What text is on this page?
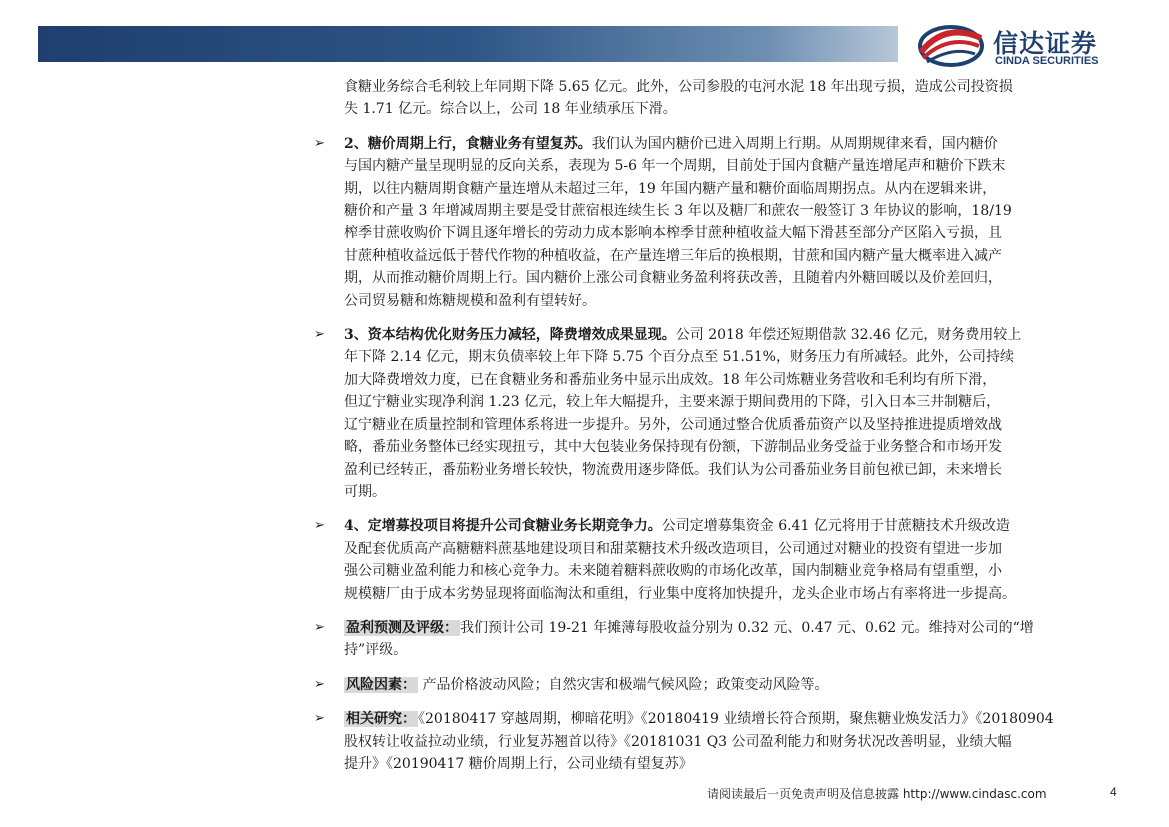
信达证券
CINDA SECURITIES
食糖业务综合毛利较上年同期下降 5.65 亿元。此外，公司参股的屯河水泥 18 年出现亏损，造成公司投资损
失 1.71 亿元。综合以上，公司 18 年业绩承压下滑。
➢ 2、糖价周期上行，食糖业务有望复苏。我们认为国内糖价已进入周期上行期。从周期规律来看，国内糖价
与国内糖产量呈现明显的反向关系，表现为 5-6 年一个周期，目前处于国内食糖产量连增尾声和糖价下跌末
期，以往内糖周期食糖产量连增从未超过三年，19 年国内糖产量和糖价面临周期拐点。从内在逻辑来讲，
糖价和产量 3 年增减周期主要是受甘蔗宿根连续生长 3 年以及糖厂和蔗农一般签订 3 年协议的影响，18/19
榨季甘蔗收购价下调且逐年增长的劳动力成本影响本榨季甘蔗种植收益大幅下滑甚至部分产区陷入亏损，且
甘蔗种植收益远低于替代作物的种植收益，在产量连增三年后的换根期，甘蔗和国内糖产量大概率进入减产
期，从而推动糖价周期上行。国内糖价上涨公司食糖业务盈利将获改善，且随着内外糖回暖以及价差回归，
公司贸易糖和炼糖规模和盈利有望转好。
➢ 3、资本结构优化财务压力减轻，降费增效成果显现。公司 2018 年偿还短期借款 32.46 亿元，财务费用较上
年下降 2.14 亿元，期末负债率较上年下降 5.75 个百分点至 51.51%，财务压力有所减轻。此外，公司持续
加大降费增效力度，已在食糖业务和番茄业务中显示出成效。18 年公司炼糖业务营收和毛利均有所下滑，
但辽宁糖业实现净利润 1.23 亿元，较上年大幅提升，主要来源于期间费用的下降，引入日本三井制糖后，
辽宁糖业在质量控制和管理体系将进一步提升。另外，公司通过整合优质番茄资产以及坚持推进提质增效战
略，番茄业务整体已经实现扭亏，其中大包装业务保持现有份额，下游制品业务受益于业务整合和市场开发
盈利已经转正，番茄粉业务增长较快，物流费用逐步降低。我们认为公司番茄业务目前包袱已卸，未来增长
可期。
➢ 4、定增募投项目将提升公司食糖业务长期竞争力。公司定增募集资金 6.41 亿元将用于甘蔗糖技术升级改造
及配套优质高产高糖糖料蔗基地建设项目和甜菜糖技术升级改造项目，公司通过对糖业的投资有望进一步加
强公司糖业盈利能力和核心竞争力。未来随着糖料蔗收购的市场化改革，国内制糖业竞争格局有望重塑，小
规模糖厂由于成本劣势显现将面临淘汰和重组，行业集中度将加快提升，龙头企业市场占有率将进一步提高。
➢ 盈利预测及评级： 我们预计公司 19-21 年摊薄每股收益分别为 0.32 元、0.47 元、0.62 元。维持对公司的“增
持”评级。
➢ 风险因素： 产品价格波动风险；自然灾害和极端气候风险；政策变动风险等。
➢ 相关研究： 《20180417 穿越周期，柳暗花明》《20180419 业绩增长符合预期，聚焦糖业焕发活力》《20180904
股权转让收益拉动业绩，行业复苏翘首以待》《20181031 Q3 公司盈利能力和财务状况改善明显，业绩大幅
提升》《20190417 糖价周期上行，公司业绩有望复苏》
请阅读最后一页免责声明及信息披露 http://www.cindasc.com	4
